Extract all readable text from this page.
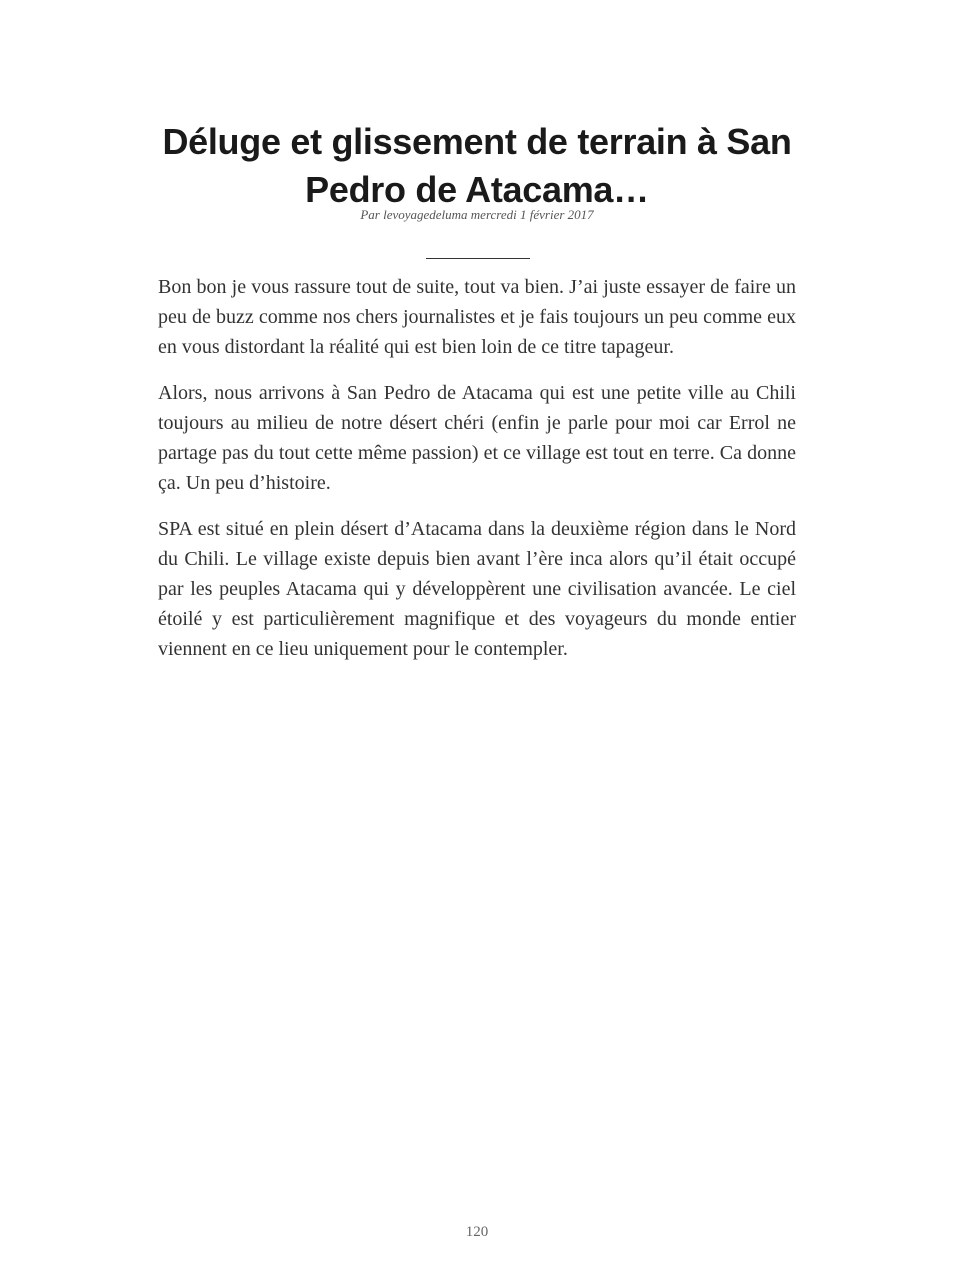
Déluge et glissement de terrain à San Pedro de Atacama…
Par levoyagedeluma mercredi 1 février 2017

Bon bon je vous rassure tout de suite, tout va bien. J’ai juste essayer de faire un peu de buzz comme nos chers journalistes et je fais toujours un peu comme eux en vous distordant la réalité qui est bien loin de ce titre tapageur.

Alors, nous arrivons à San Pedro de Atacama qui est une petite ville au Chili toujours au milieu de notre désert chéri (enfin je parle pour moi car Errol ne partage pas du tout cette même passion) et ce village est tout en terre. Ca donne ça. Un peu d’histoire.

SPA est situé en plein désert d’Atacama dans la deuxième région dans le Nord du Chili. Le village existe depuis bien avant l’ère inca alors qu’il était occupé par les peuples Atacama qui y développèrent une civilisation avancée. Le ciel étoilé y est particulièrement magnifique et des voyageurs du monde entier viennent en ce lieu uniquement pour le contempler.

120
